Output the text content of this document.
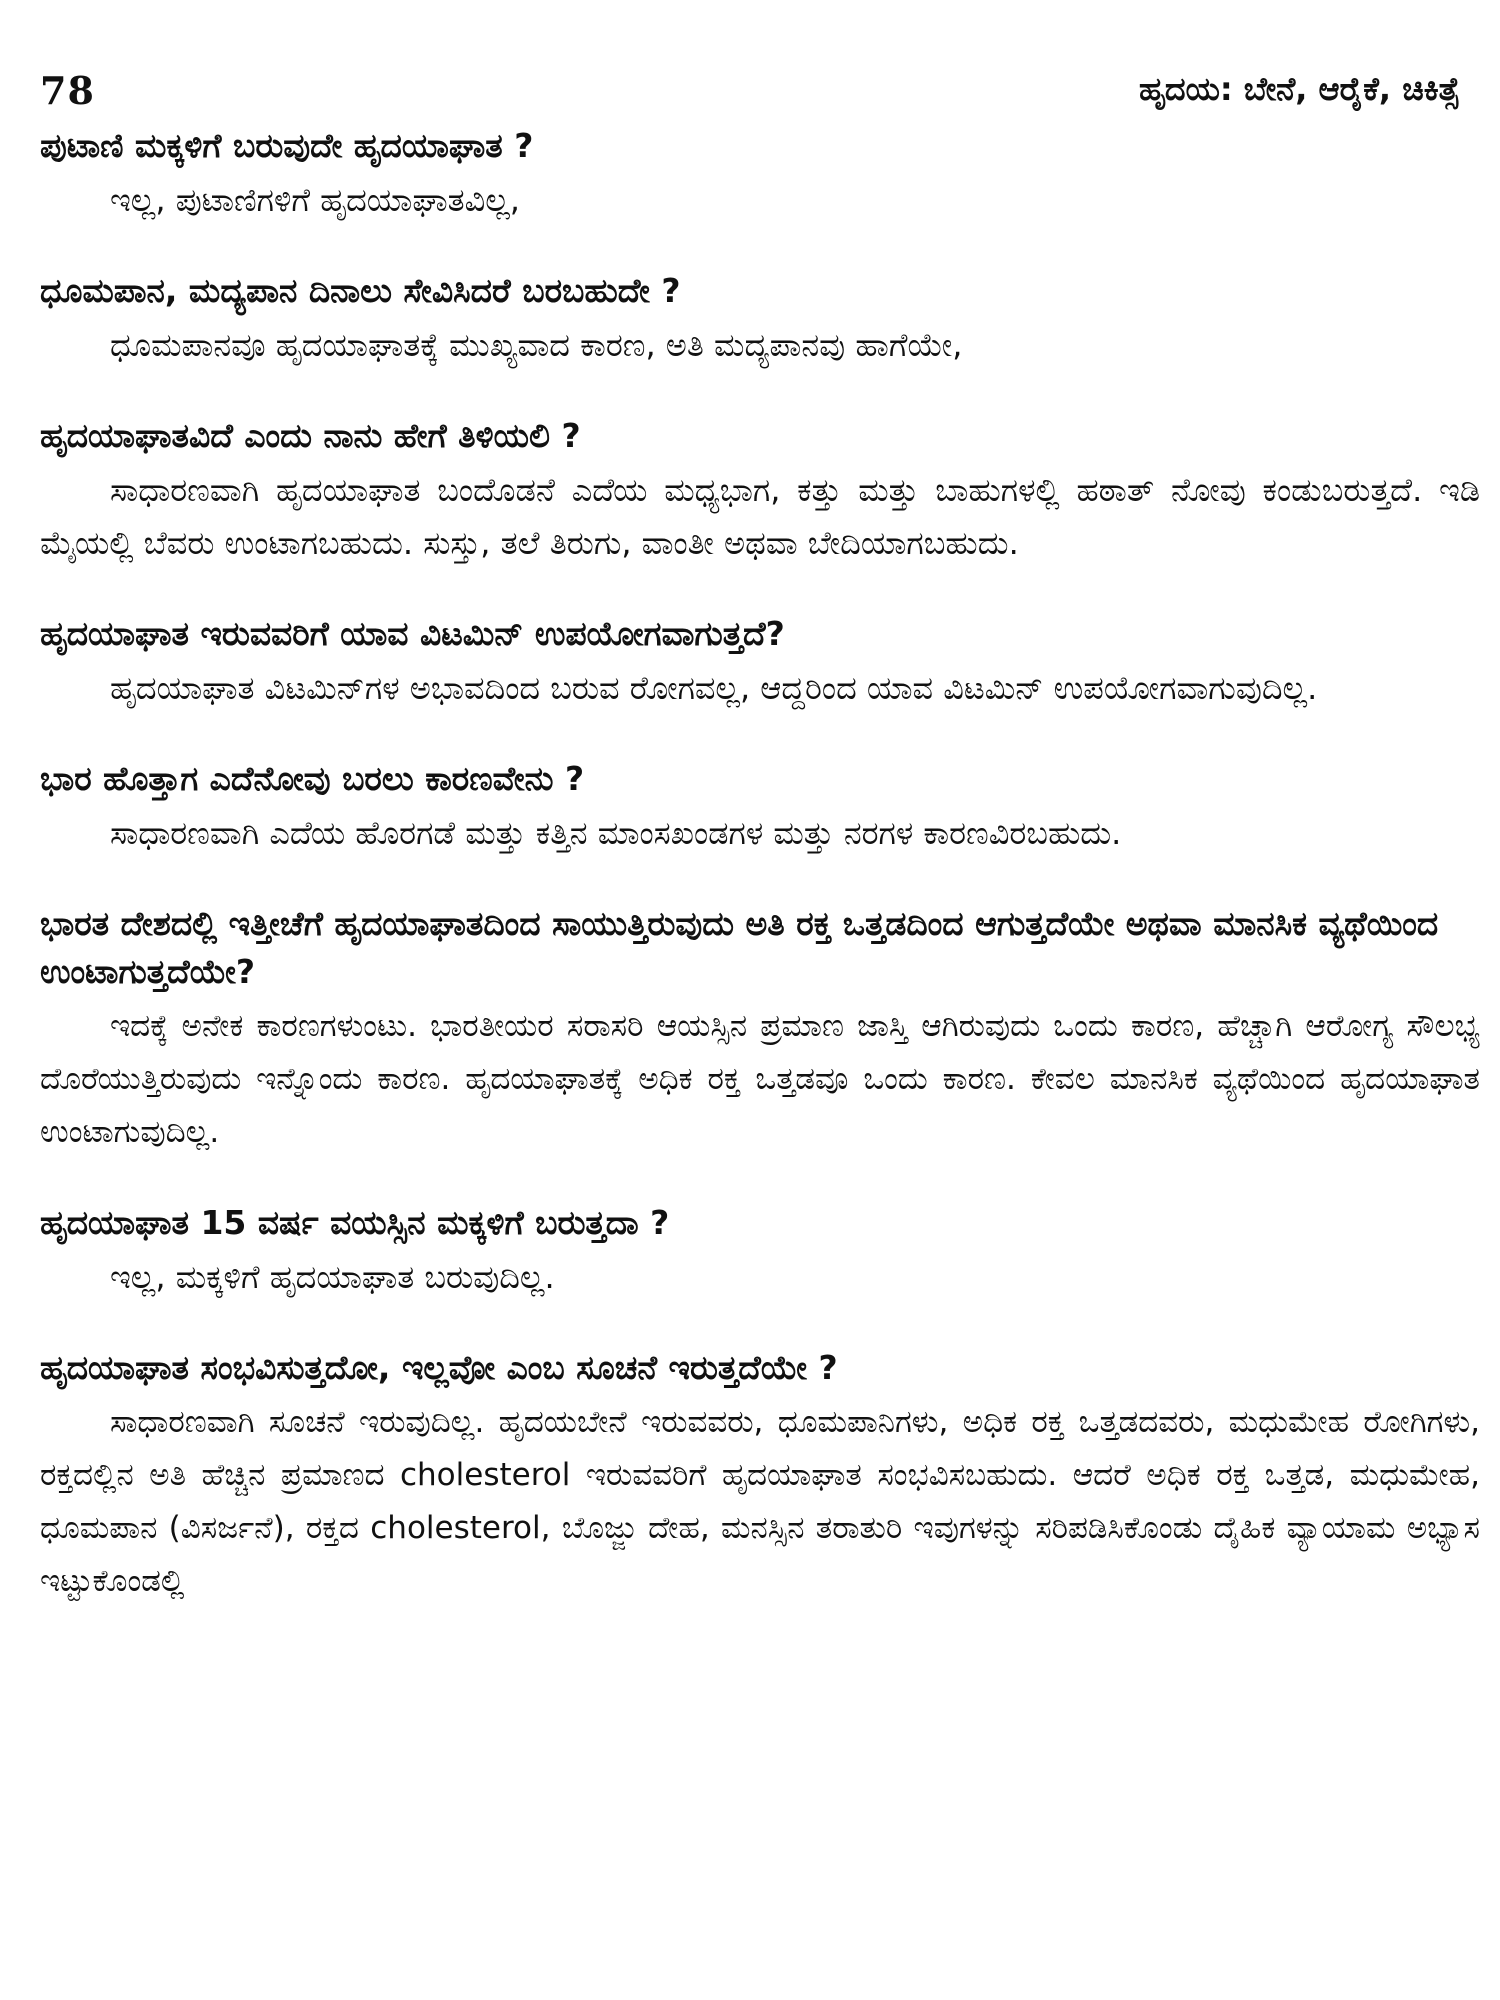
78	ಹೃದಯ: ಬೇನೆ, ಆರೈಕೆ, ಚಿಕಿತ್ಸೆ

ಪುಟಾಣಿ ಮಕ್ಕಳಿಗೆ ಬರುವುದೇ ಹೃದಯಾಘಾತ ?

ಇಲ್ಲ, ಪುಟಾಣಿಗಳಿಗೆ ಹೃದಯಾಘಾತವಿಲ್ಲ,

ಧೂಮಪಾನ, ಮದ್ಯಪಾನ ದಿನಾಲು ಸೇವಿಸಿದರೆ ಬರಬಹುದೇ ?

ಧೂಮಪಾನವೂ ಹೃದಯಾಘಾತಕ್ಕೆ ಮುಖ್ಯವಾದ ಕಾರಣ, ಅತಿ ಮದ್ಯಪಾನವು ಹಾಗೆಯೇ,

ಹೃದಯಾಘಾತವಿದೆ ಎಂದು ನಾನು ಹೇಗೆ ತಿಳಿಯಲಿ ?

ಸಾಧಾರಣವಾಗಿ ಹೃದಯಾಘಾತ ಬಂದೊಡನೆ ಎದೆಯ ಮಧ್ಯಭಾಗ, ಕತ್ತು ಮತ್ತು ಬಾಹುಗಳಲ್ಲಿ ಹಠಾತ್ ನೋವು ಕಂಡುಬರುತ್ತದೆ. ಇಡಿ ಮೈಯಲ್ಲಿ ಬೆವರು ಉಂಟಾಗಬಹುದು. ಸುಸ್ತು, ತಲೆ ತಿರುಗು, ವಾಂತೀ ಅಥವಾ ಬೇದಿಯಾಗಬಹುದು.

ಹೃದಯಾಘಾತ ಇರುವವರಿಗೆ ಯಾವ ವಿಟಮಿನ್ ಉಪಯೋಗವಾಗುತ್ತದೆ?

ಹೃದಯಾಘಾತ ವಿಟಮಿನ್‌ಗಳ ಅಭಾವದಿಂದ ಬರುವ ರೋಗವಲ್ಲ, ಆದ್ದರಿಂದ ಯಾವ ವಿಟಮಿನ್ ಉಪಯೋಗವಾಗುವುದಿಲ್ಲ.

ಭಾರ ಹೊತ್ತಾಗ ಎದೆನೋವು ಬರಲು ಕಾರಣವೇನು ?

ಸಾಧಾರಣವಾಗಿ ಎದೆಯ ಹೊರಗಡೆ ಮತ್ತು ಕತ್ತಿನ ಮಾಂಸಖಂಡಗಳ ಮತ್ತು ನರಗಳ ಕಾರಣವಿರಬಹುದು.

ಭಾರತ ದೇಶದಲ್ಲಿ ಇತ್ತೀಚೆಗೆ ಹೃದಯಾಘಾತದಿಂದ ಸಾಯುತ್ತಿರುವುದು ಅತಿ ರಕ್ತ ಒತ್ತಡದಿಂದ ಆಗುತ್ತದೆಯೇ ಅಥವಾ ಮಾನಸಿಕ ವ್ಯಥೆಯಿಂದ ಉಂಟಾಗುತ್ತದೆಯೇ?

ಇದಕ್ಕೆ ಅನೇಕ ಕಾರಣಗಳುಂಟು. ಭಾರತೀಯರ ಸರಾಸರಿ ಆಯಸ್ಸಿನ ಪ್ರಮಾಣ ಜಾಸ್ತಿ ಆಗಿರುವುದು ಒಂದು ಕಾರಣ, ಹೆಚ್ಚಾಗಿ ಆರೋಗ್ಯ ಸೌಲಭ್ಯ ದೊರೆಯುತ್ತಿರುವುದು ಇನ್ನೊಂದು ಕಾರಣ. ಹೃದಯಾಘಾತಕ್ಕೆ ಅಧಿಕ ರಕ್ತ ಒತ್ತಡವೂ ಒಂದು ಕಾರಣ. ಕೇವಲ ಮಾನಸಿಕ ವ್ಯಥೆಯಿಂದ ಹೃದಯಾಘಾತ ಉಂಟಾಗುವುದಿಲ್ಲ.

ಹೃದಯಾಘಾತ 15 ವರ್ಷ ವಯಸ್ಸಿನ ಮಕ್ಕಳಿಗೆ ಬರುತ್ತದಾ ?

ಇಲ್ಲ, ಮಕ್ಕಳಿಗೆ ಹೃದಯಾಘಾತ ಬರುವುದಿಲ್ಲ.

ಹೃದಯಾಘಾತ ಸಂಭವಿಸುತ್ತದೋ, ಇಲ್ಲವೋ ಎಂಬ ಸೂಚನೆ ಇರುತ್ತದೆಯೇ ?

ಸಾಧಾರಣವಾಗಿ ಸೂಚನೆ ಇರುವುದಿಲ್ಲ. ಹೃದಯಬೇನೆ ಇರುವವರು, ಧೂಮಪಾನಿಗಳು, ಅಧಿಕ ರಕ್ತ ಒತ್ತಡದವರು, ಮಧುಮೇಹ ರೋಗಿಗಳು, ರಕ್ತದಲ್ಲಿನ ಅತಿ ಹೆಚ್ಚಿನ ಪ್ರಮಾಣದ cholesterol ಇರುವವರಿಗೆ ಹೃದಯಾಘಾತ ಸಂಭವಿಸಬಹುದು. ಆದರೆ ಅಧಿಕ ರಕ್ತ ಒತ್ತಡ, ಮಧುಮೇಹ, ಧೂಮಪಾನ (ವಿಸರ್ಜನೆ), ರಕ್ತದ cholesterol, ಬೊಜ್ಜು ದೇಹ, ಮನಸ್ಸಿನ ತರಾತುರಿ ಇವುಗಳನ್ನು ಸರಿಪಡಿಸಿಕೊಂಡು ದೈಹಿಕ ವ್ಯಾಯಾಮ ಅಭ್ಯಾಸ ಇಟ್ಟುಕೊಂಡಲ್ಲಿ
